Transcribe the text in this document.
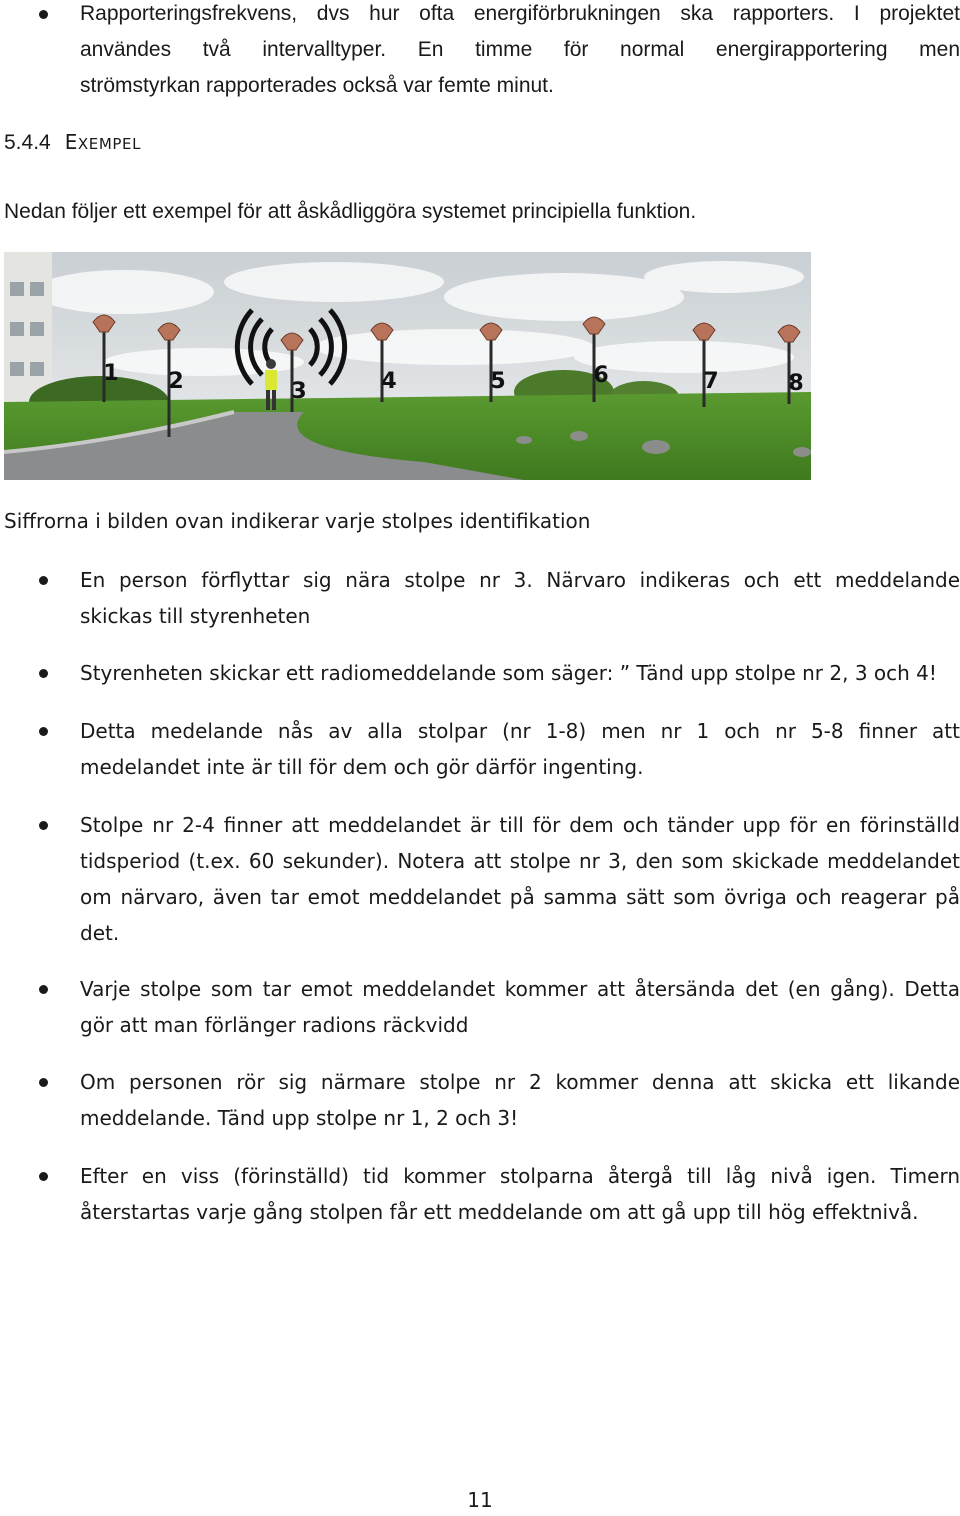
Rapporteringsfrekvens, dvs hur ofta energiförbrukningen ska rapporters. I projektet
användes två intervalltyper. En timme för normal energirapportering men
strömstyrkan rapporterades också var femte minut.
5.4.4 EXEMPEL
Nedan följer ett exempel för att åskådliggöra systemet principiella funktion.
1 2	3	4	5	6	7	8
Siffrorna i bilden ovan indikerar varje stolpes identifikation
En person förflyttar sig nära stolpe nr 3. Närvaro indikeras och ett meddelande
skickas till styrenheten
Styrenheten skickar ett radiomeddelande som säger: ” Tänd upp stolpe nr 2, 3 och 4!
Detta medelande nås av alla stolpar (nr 1-8) men nr 1 och nr 5-8 finner att
medelandet inte är till för dem och gör därför ingenting.
Stolpe nr 2-4 finner att meddelandet är till för dem och tänder upp för en förinställd
tidsperiod (t.ex. 60 sekunder). Notera att stolpe nr 3, den som skickade meddelandet
om närvaro, även tar emot meddelandet på samma sätt som övriga och reagerar på
det.
Varje stolpe som tar emot meddelandet kommer att återsända det (en gång). Detta
gör att man förlänger radions räckvidd
Om personen rör sig närmare stolpe nr 2 kommer denna att skicka ett likande
meddelande. Tänd upp stolpe nr 1, 2 och 3!
Efter en viss (förinställd) tid kommer stolparna återgå till låg nivå igen. Timern
återstartas varje gång stolpen får ett meddelande om att gå upp till hög effektnivå.
11
